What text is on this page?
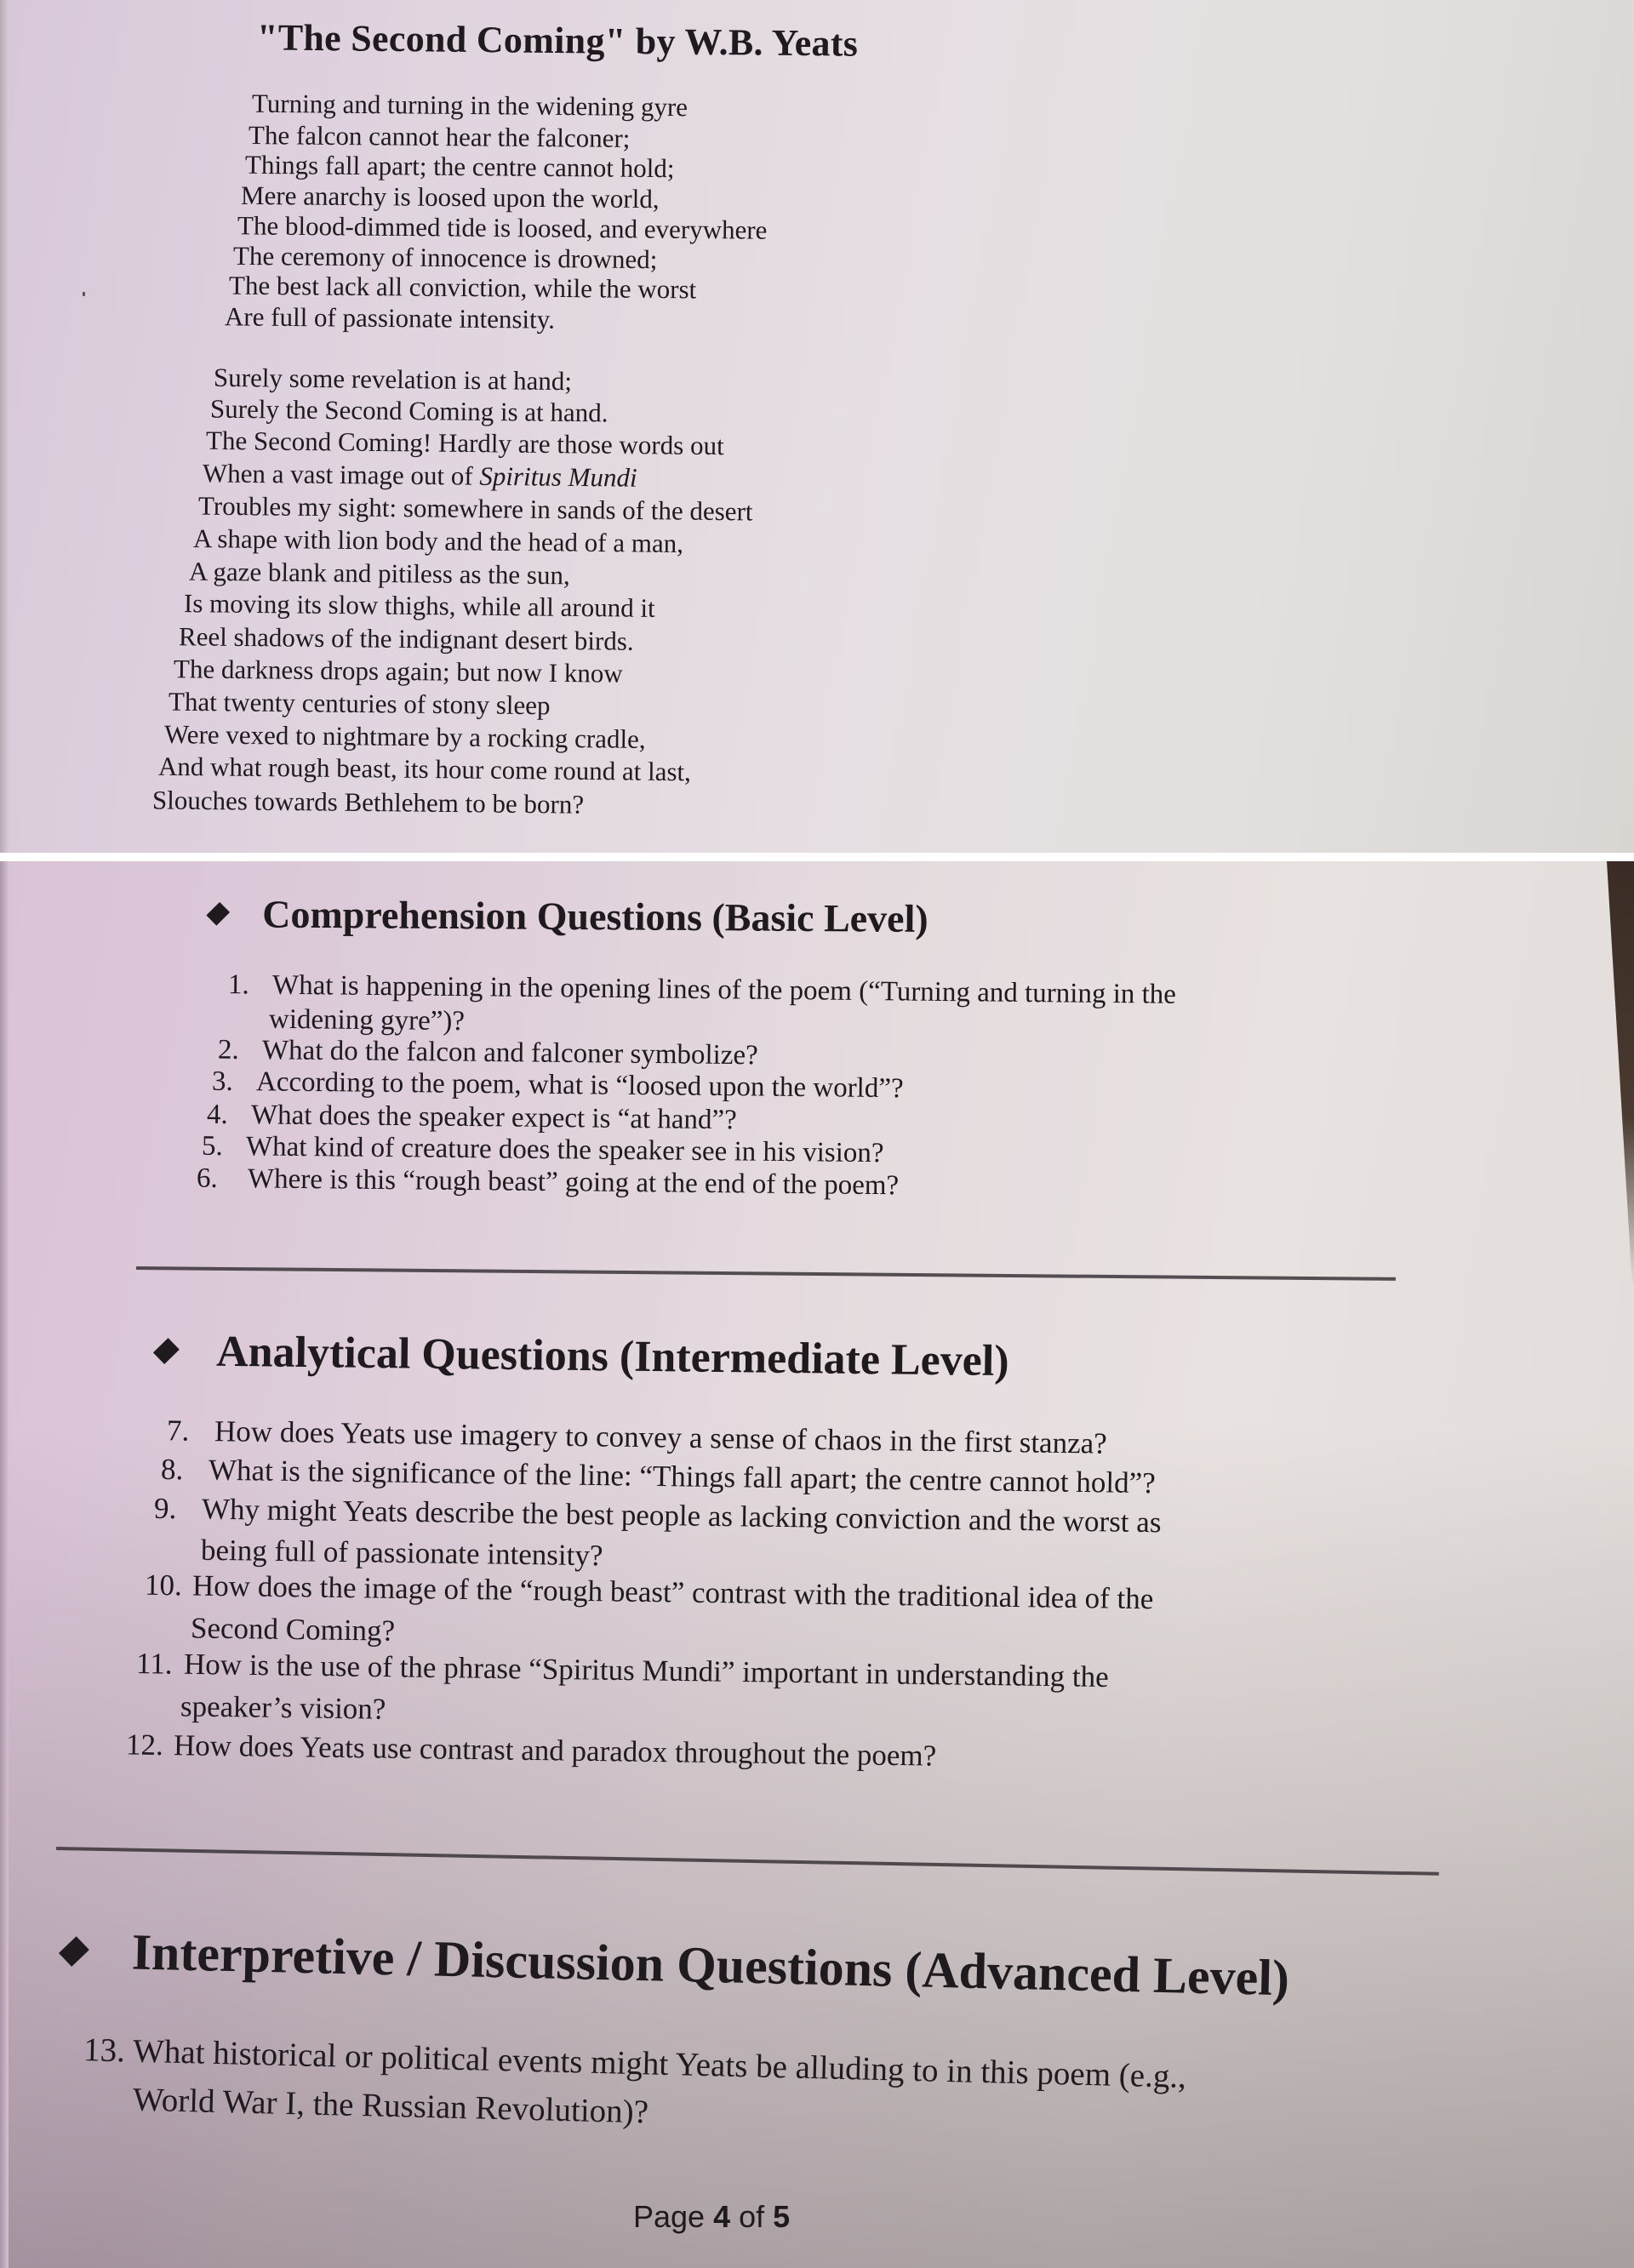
"The Second Coming" by W.B. Yeats
Turning and turning in the widening gyre
The falcon cannot hear the falconer;
Things fall apart; the centre cannot hold;
Mere anarchy is loosed upon the world,
The blood-dimmed tide is loosed, and everywhere
The ceremony of innocence is drowned;
The best lack all conviction, while the worst
Are full of passionate intensity.
Surely some revelation is at hand;
Surely the Second Coming is at hand.
The Second Coming! Hardly are those words out
When a vast image out of Spiritus Mundi
Troubles my sight: somewhere in sands of the desert
A shape with lion body and the head of a man,
A gaze blank and pitiless as the sun,
Is moving its slow thighs, while all around it
Reel shadows of the indignant desert birds.
The darkness drops again; but now I know
That twenty centuries of stony sleep
Were vexed to nightmare by a rocking cradle,
And what rough beast, its hour come round at last,
Slouches towards Bethlehem to be born?
Comprehension Questions (Basic Level)
1. What is happening in the opening lines of the poem (“Turning and turning in the
widening gyre”)?
2. What do the falcon and falconer symbolize?
3. According to the poem, what is “loosed upon the world”?
4. What does the speaker expect is “at hand”?
5. What kind of creature does the speaker see in his vision?
6. Where is this “rough beast” going at the end of the poem?
Analytical Questions (Intermediate Level)
7. How does Yeats use imagery to convey a sense of chaos in the first stanza?
8. What is the significance of the line: “Things fall apart; the centre cannot hold”?
9. Why might Yeats describe the best people as lacking conviction and the worst as
being full of passionate intensity?
10. How does the image of the “rough beast” contrast with the traditional idea of the
Second Coming?
11. How is the use of the phrase “Spiritus Mundi” important in understanding the
speaker’s vision?
12. How does Yeats use contrast and paradox throughout the poem?
Interpretive / Discussion Questions (Advanced Level)
13. What historical or political events might Yeats be alluding to in this poem (e.g.,
World War I, the Russian Revolution)?
Page 4 of 5
